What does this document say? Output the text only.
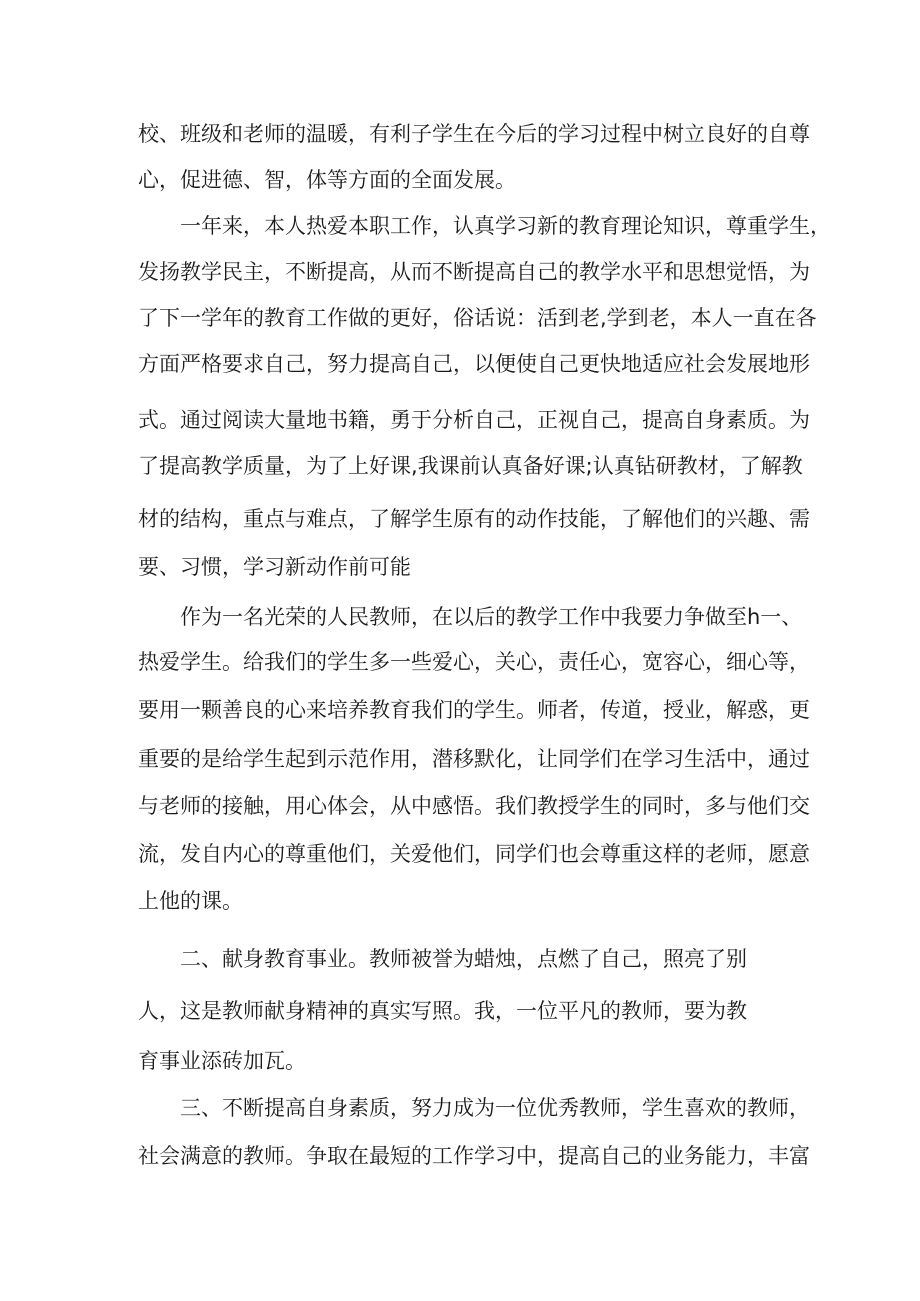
校、班级和老师的温暖，有利子学生在今后的学习过程中树立良好的自尊
心，促进德、智，体等方面的全面发展。
一年来，本人热爱本职工作，认真学习新的教育理论知识，尊重学生，
发扬教学民主，不断提高，从而不断提高自己的教学水平和思想觉悟，为
了下一学年的教育工作做的更好，俗话说：活到老,学到老，本人一直在各
方面严格要求自己，努力提高自己，以便使自己更快地适应社会发展地形
式。通过阅读大量地书籍，勇于分析自己，正视自己，提高自身素质。为
了提高教学质量，为了上好课,我课前认真备好课;认真钻研教材，了解教
材的结构，重点与难点，了解学生原有的动作技能，了解他们的兴趣、需
要、习惯，学习新动作前可能
作为一名光荣的人民教师，在以后的教学工作中我要力争做至h一、
热爱学生。给我们的学生多一些爱心，关心，责任心，宽容心，细心等，
要用一颗善良的心来培养教育我们的学生。师者，传道，授业，解惑，更
重要的是给学生起到示范作用，潜移默化，让同学们在学习生活中，通过
与老师的接触，用心体会，从中感悟。我们教授学生的同时，多与他们交
流，发自内心的尊重他们，关爱他们，同学们也会尊重这样的老师，愿意
上他的课。
二、献身教育事业。教师被誉为蜡烛，点燃了自己，照亮了别
人，这是教师献身精神的真实写照。我，一位平凡的教师，要为教
育事业添砖加瓦。
三、不断提高自身素质，努力成为一位优秀教师，学生喜欢的教师，
社会满意的教师。争取在最短的工作学习中，提高自己的业务能力，丰富
